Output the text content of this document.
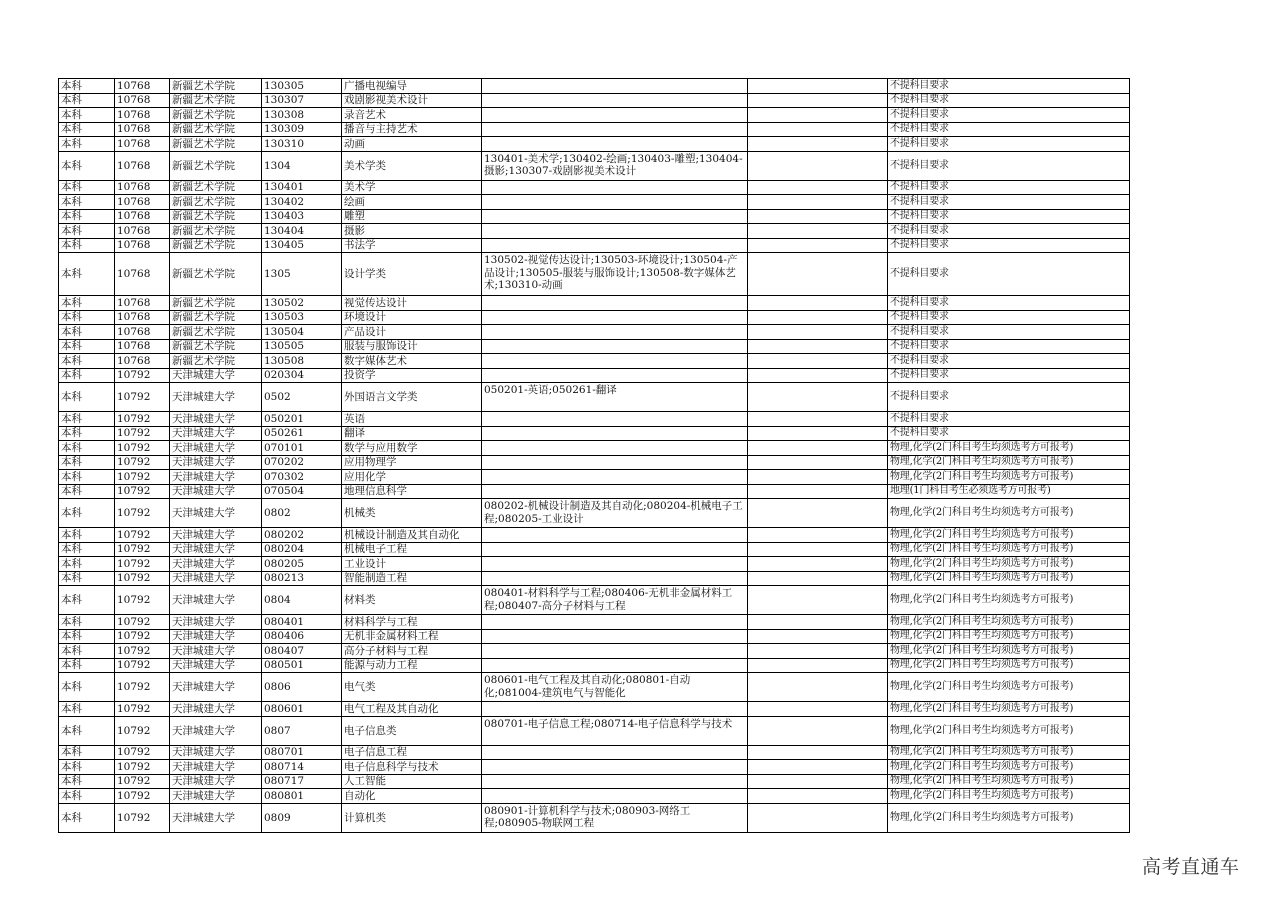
本科	10768	新疆艺术学院	130305	广播电视编导			不提科目要求
本科	10768	新疆艺术学院	130307	戏剧影视美术设计			不提科目要求
本科	10768	新疆艺术学院	130308	录音艺术			不提科目要求
本科	10768	新疆艺术学院	130309	播音与主持艺术			不提科目要求
本科	10768	新疆艺术学院	130310	动画			不提科目要求
本科	10768	新疆艺术学院	1304	美术学类	130401-美术学;130402-绘画;130403-雕塑;130404-摄影;130307-戏剧影视美术设计		不提科目要求
本科	10768	新疆艺术学院	130401	美术学			不提科目要求
本科	10768	新疆艺术学院	130402	绘画			不提科目要求
本科	10768	新疆艺术学院	130403	雕塑			不提科目要求
本科	10768	新疆艺术学院	130404	摄影			不提科目要求
本科	10768	新疆艺术学院	130405	书法学			不提科目要求
本科	10768	新疆艺术学院	1305	设计学类	130502-视觉传达设计;130503-环境设计;130504-产品设计;130505-服装与服饰设计;130508-数字媒体艺术;130310-动画		不提科目要求
本科	10768	新疆艺术学院	130502	视觉传达设计			不提科目要求
本科	10768	新疆艺术学院	130503	环境设计			不提科目要求
本科	10768	新疆艺术学院	130504	产品设计			不提科目要求
本科	10768	新疆艺术学院	130505	服装与服饰设计			不提科目要求
本科	10768	新疆艺术学院	130508	数字媒体艺术			不提科目要求
本科	10792	天津城建大学	020304	投资学			不提科目要求
本科	10792	天津城建大学	0502	外国语言文学类	050201-英语;050261-翻译		不提科目要求
本科	10792	天津城建大学	050201	英语			不提科目要求
本科	10792	天津城建大学	050261	翻译			不提科目要求
本科	10792	天津城建大学	070101	数学与应用数学			物理,化学(2门科目考生均须选考方可报考)
本科	10792	天津城建大学	070202	应用物理学			物理,化学(2门科目考生均须选考方可报考)
本科	10792	天津城建大学	070302	应用化学			物理,化学(2门科目考生均须选考方可报考)
本科	10792	天津城建大学	070504	地理信息科学			地理(1门科目考生必须选考方可报考)
本科	10792	天津城建大学	0802	机械类	080202-机械设计制造及其自动化;080204-机械电子工程;080205-工业设计		物理,化学(2门科目考生均须选考方可报考)
本科	10792	天津城建大学	080202	机械设计制造及其自动化			物理,化学(2门科目考生均须选考方可报考)
本科	10792	天津城建大学	080204	机械电子工程			物理,化学(2门科目考生均须选考方可报考)
本科	10792	天津城建大学	080205	工业设计			物理,化学(2门科目考生均须选考方可报考)
本科	10792	天津城建大学	080213	智能制造工程			物理,化学(2门科目考生均须选考方可报考)
本科	10792	天津城建大学	0804	材料类	080401-材料科学与工程;080406-无机非金属材料工程;080407-高分子材料与工程		物理,化学(2门科目考生均须选考方可报考)
本科	10792	天津城建大学	080401	材料科学与工程			物理,化学(2门科目考生均须选考方可报考)
本科	10792	天津城建大学	080406	无机非金属材料工程			物理,化学(2门科目考生均须选考方可报考)
本科	10792	天津城建大学	080407	高分子材料与工程			物理,化学(2门科目考生均须选考方可报考)
本科	10792	天津城建大学	080501	能源与动力工程			物理,化学(2门科目考生均须选考方可报考)
本科	10792	天津城建大学	0806	电气类	080601-电气工程及其自动化;080801-自动化;081004-建筑电气与智能化		物理,化学(2门科目考生均须选考方可报考)
本科	10792	天津城建大学	080601	电气工程及其自动化			物理,化学(2门科目考生均须选考方可报考)
本科	10792	天津城建大学	0807	电子信息类	080701-电子信息工程;080714-电子信息科学与技术		物理,化学(2门科目考生均须选考方可报考)
本科	10792	天津城建大学	080701	电子信息工程			物理,化学(2门科目考生均须选考方可报考)
本科	10792	天津城建大学	080714	电子信息科学与技术			物理,化学(2门科目考生均须选考方可报考)
本科	10792	天津城建大学	080717	人工智能			物理,化学(2门科目考生均须选考方可报考)
本科	10792	天津城建大学	080801	自动化			物理,化学(2门科目考生均须选考方可报考)
本科	10792	天津城建大学	0809	计算机类	080901-计算机科学与技术;080903-网络工程;080905-物联网工程		物理,化学(2门科目考生均须选考方可报考)
高考直通车
